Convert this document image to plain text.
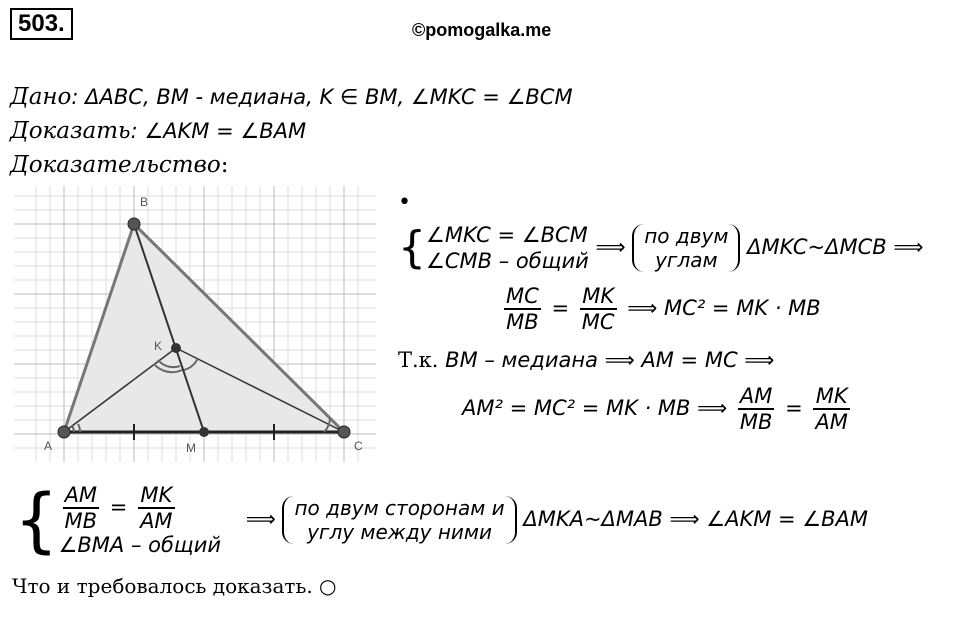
503.	©pomogalka.me
Дано: ΔABC, BM - медиана, K ∈ BM, ∠MKC = ∠BCM
Доказать: ∠AKM = ∠BAM
Доказательство:
B
A	C
M
K
•
{ ∠MKC = ∠BCM
∠CMB – общий
⟹ по двум
углам
ΔMKC~ΔMCB ⟹
$\frac{MC}{MB} = \frac{MK}{MC}$ ⟹ MC² = MK · MB
Т.к. BM – медиана ⟹ AM = MC ⟹
AM² = MC² = MK · MB ⟹ $\frac{AM}{MB} = \frac{MK}{AM}$
{ $\frac{AM}{MB} = \frac{MK}{AM}$
∠BMA – общий
⟹ по двум сторонам и
углу между ними
ΔMKA~ΔMAB ⟹ ∠AKM = ∠BAM
Что и требовалось доказать. ○
